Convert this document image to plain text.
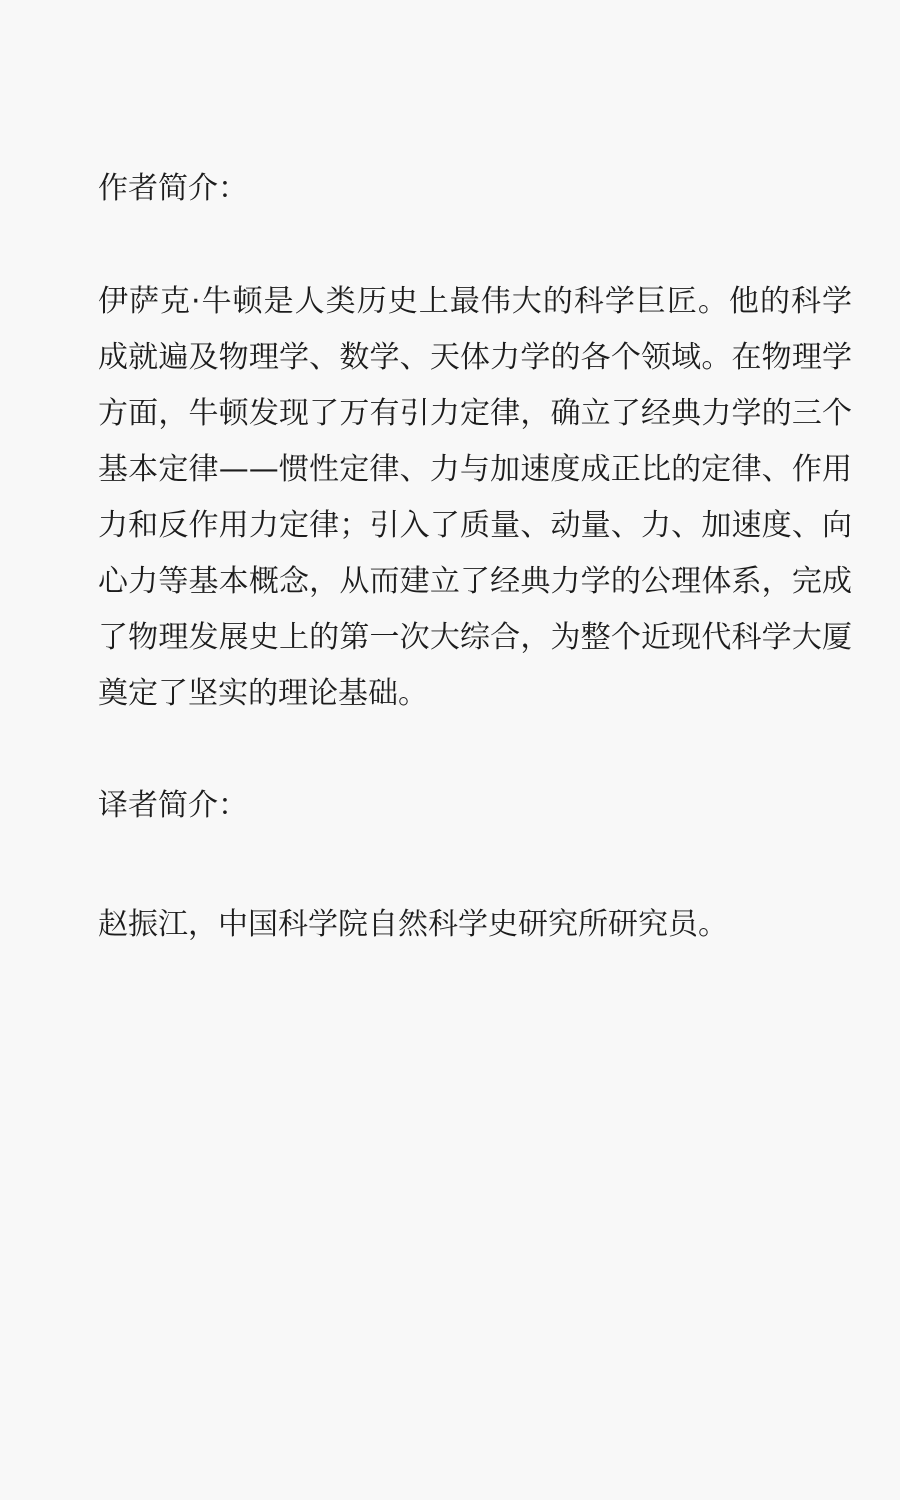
作者简介：

伊萨克·牛顿是人类历史上最伟大的科学巨匠。他的科学成就遍及物理学、数学、天体力学的各个领域。在物理学方面，牛顿发现了万有引力定律，确立了经典力学的三个基本定律——惯性定律、力与加速度成正比的定律、作用力和反作用力定律；引入了质量、动量、力、加速度、向心力等基本概念，从而建立了经典力学的公理体系，完成了物理发展史上的第一次大综合，为整个近现代科学大厦奠定了坚实的理论基础。

译者简介：

赵振江，中国科学院自然科学史研究所研究员。
